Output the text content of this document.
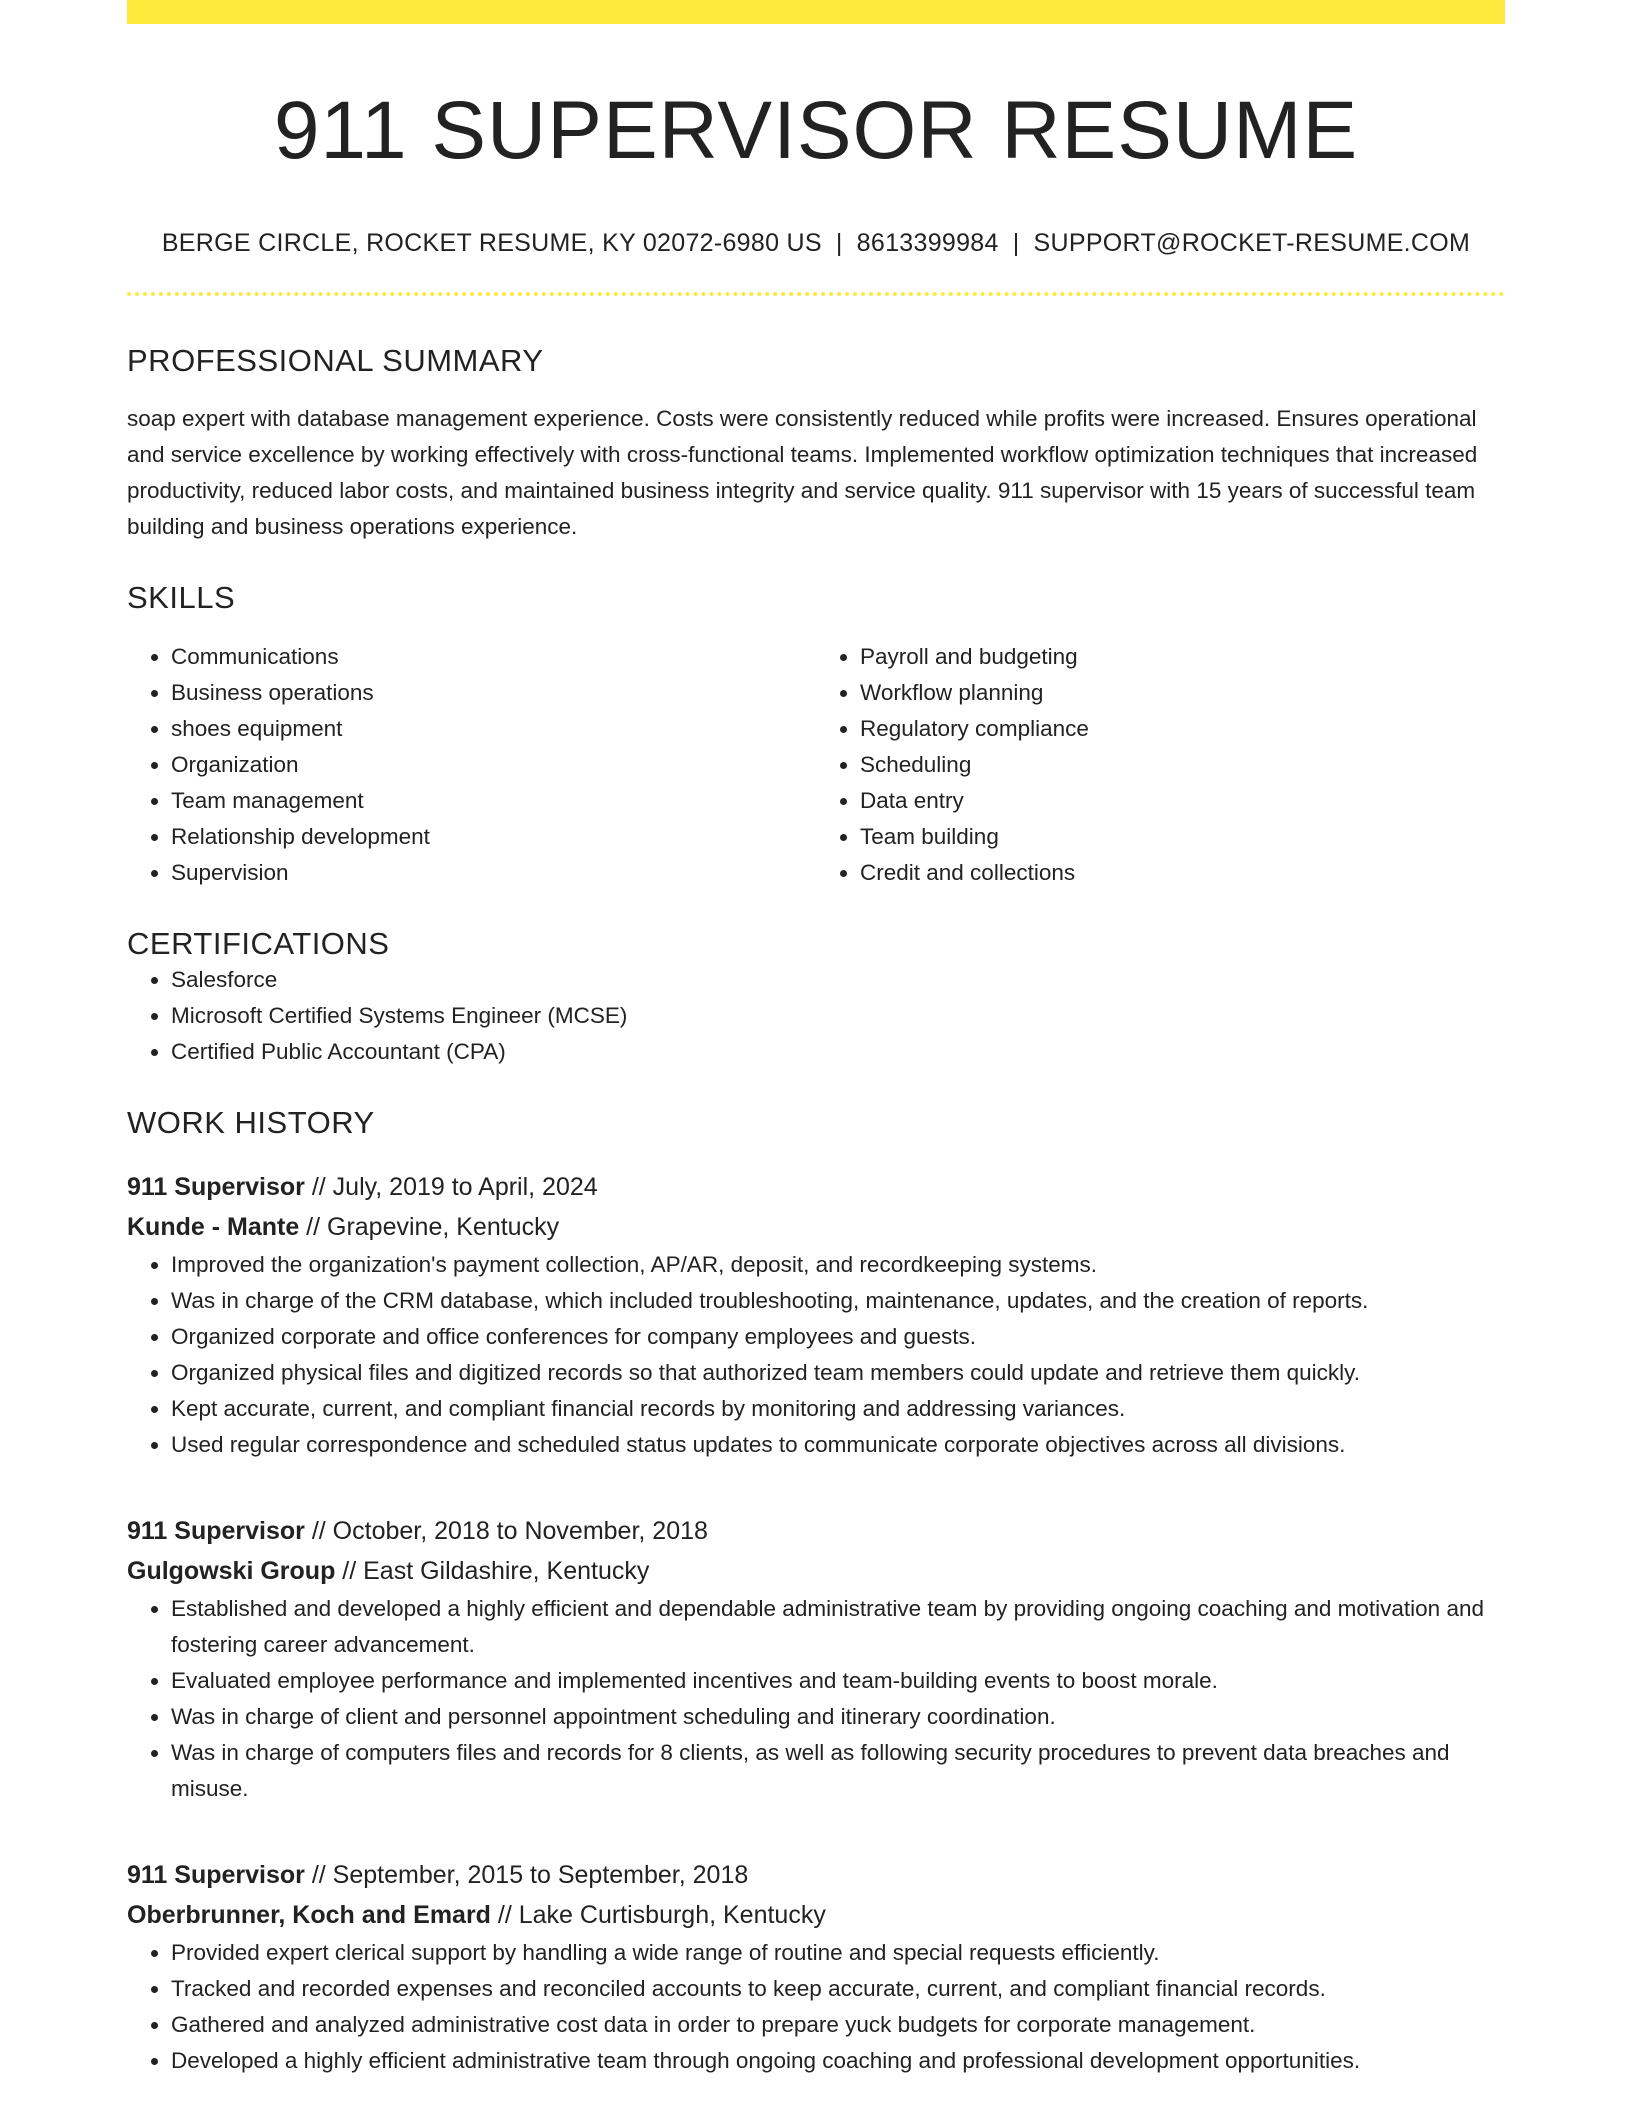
911 SUPERVISOR RESUME
BERGE CIRCLE, ROCKET RESUME, KY 02072-6980 US | 8613399984 | SUPPORT@ROCKET-RESUME.COM
PROFESSIONAL SUMMARY

soap expert with database management experience. Costs were consistently reduced while profits were increased. Ensures operational and service excellence by working effectively with cross-functional teams. Implemented workflow optimization techniques that increased productivity, reduced labor costs, and maintained business integrity and service quality. 911 supervisor with 15 years of successful team building and business operations experience.

SKILLS
• Communications
• Business operations
• shoes equipment
• Organization
• Team management
• Relationship development
• Supervision
• Payroll and budgeting
• Workflow planning
• Regulatory compliance
• Scheduling
• Data entry
• Team building
• Credit and collections
CERTIFICATIONS
• Salesforce
• Microsoft Certified Systems Engineer (MCSE)
• Certified Public Accountant (CPA)
WORK HISTORY
911 Supervisor // July, 2019 to April, 2024
Kunde - Mante // Grapevine, Kentucky
• Improved the organization's payment collection, AP/AR, deposit, and recordkeeping systems.
• Was in charge of the CRM database, which included troubleshooting, maintenance, updates, and the creation of reports.
• Organized corporate and office conferences for company employees and guests.
• Organized physical files and digitized records so that authorized team members could update and retrieve them quickly.
• Kept accurate, current, and compliant financial records by monitoring and addressing variances.
• Used regular correspondence and scheduled status updates to communicate corporate objectives across all divisions.
911 Supervisor // October, 2018 to November, 2018
Gulgowski Group // East Gildashire, Kentucky
• Established and developed a highly efficient and dependable administrative team by providing ongoing coaching and motivation and fostering career advancement.
• Evaluated employee performance and implemented incentives and team-building events to boost morale.
• Was in charge of client and personnel appointment scheduling and itinerary coordination.
• Was in charge of computers files and records for 8 clients, as well as following security procedures to prevent data breaches and misuse.
911 Supervisor // September, 2015 to September, 2018
Oberbrunner, Koch and Emard // Lake Curtisburgh, Kentucky
• Provided expert clerical support by handling a wide range of routine and special requests efficiently.
• Tracked and recorded expenses and reconciled accounts to keep accurate, current, and compliant financial records.
• Gathered and analyzed administrative cost data in order to prepare yuck budgets for corporate management.
• Developed a highly efficient administrative team through ongoing coaching and professional development opportunities.
